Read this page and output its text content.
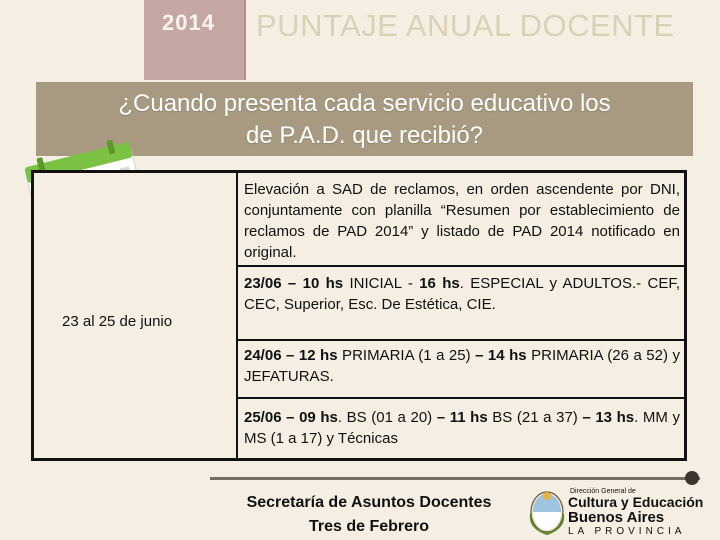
2014 PUNTAJE ANUAL DOCENTE
¿Cuando presenta cada servicio educativo los
de P.A.D. que recibió?
23 al 25 de junio
Elevación a SAD de reclamos, en orden ascendente por DNI, conjuntamente con planilla “Resumen por establecimiento de reclamos de PAD 2014” y listado de PAD 2014 notificado en original.
23/06 – 10 hs INICIAL - 16 hs. ESPECIAL y ADULTOS.- CEF, CEC, Superior, Esc. De Estética, CIE.
24/06 – 12 hs PRIMARIA (1 a 25) – 14 hs PRIMARIA (26 a 52) y JEFATURAS.
25/06 – 09 hs. BS (01 a 20) – 11 hs BS (21 a 37) – 13 hs. MM y MS (1 a 17) y Técnicas
Secretaría de Asuntos Docentes
Tres de Febrero
Dirección General de
Cultura y Educación
Buenos Aires
LA PROVINCIA
